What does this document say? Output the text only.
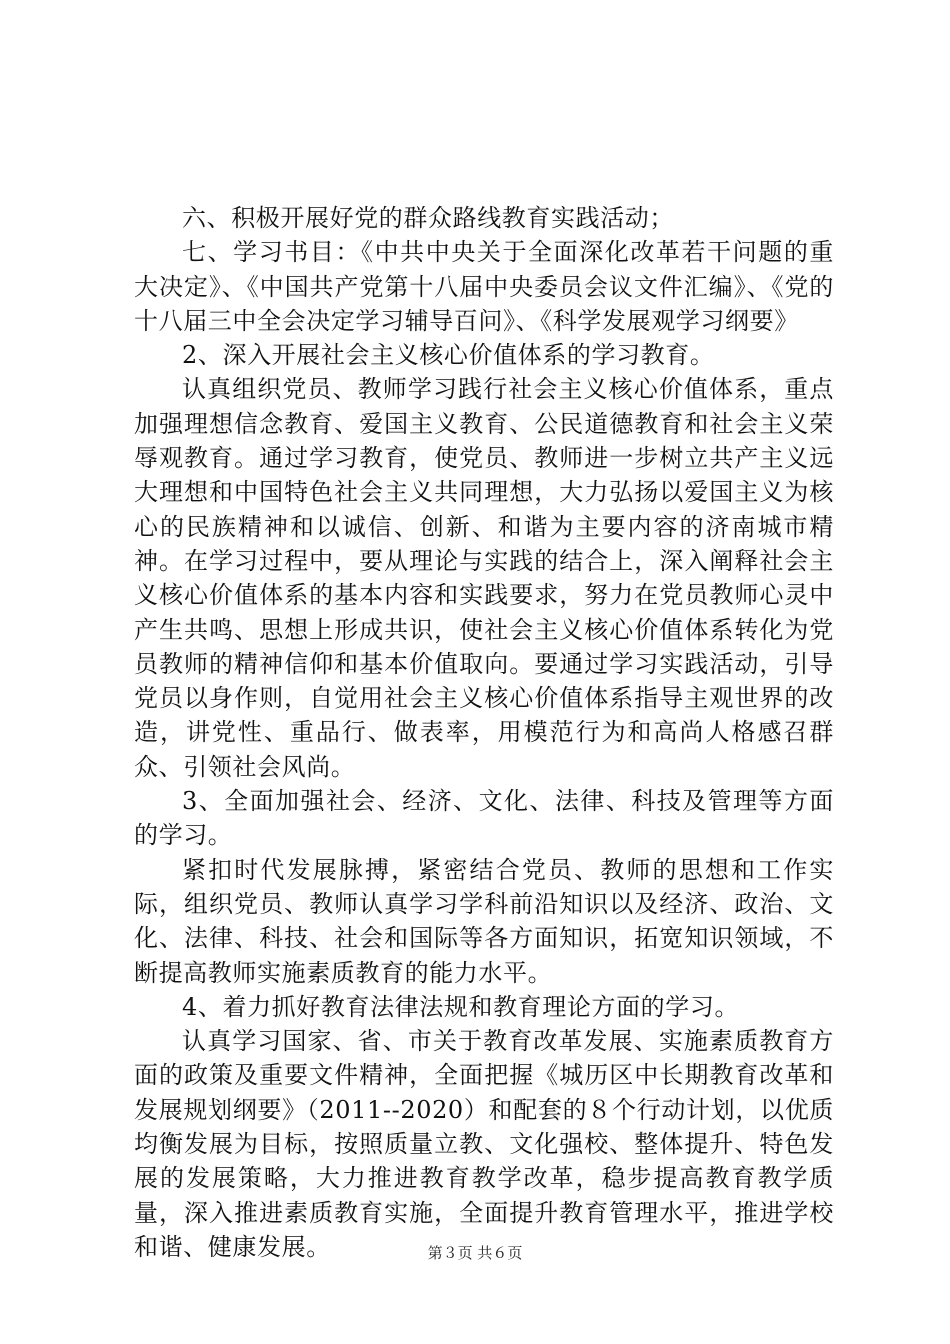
六、积极开展好党的群众路线教育实践活动；

七、学习书目：《中共中央关于全面深化改革若干问题的重大决定》、《中国共产党第十八届中央委员会议文件汇编》、《党的十八届三中全会决定学习辅导百问》、《科学发展观学习纲要》

2、深入开展社会主义核心价值体系的学习教育。

认真组织党员、教师学习践行社会主义核心价值体系，重点加强理想信念教育、爱国主义教育、公民道德教育和社会主义荣辱观教育。通过学习教育，使党员、教师进一步树立共产主义远大理想和中国特色社会主义共同理想，大力弘扬以爱国主义为核心的民族精神和以诚信、创新、和谐为主要内容的济南城市精神。在学习过程中，要从理论与实践的结合上，深入阐释社会主义核心价值体系的基本内容和实践要求，努力在党员教师心灵中产生共鸣、思想上形成共识，使社会主义核心价值体系转化为党员教师的精神信仰和基本价值取向。要通过学习实践活动，引导党员以身作则，自觉用社会主义核心价值体系指导主观世界的改造，讲党性、重品行、做表率，用模范行为和高尚人格感召群众、引领社会风尚。

3、全面加强社会、经济、文化、法律、科技及管理等方面的学习。

紧扣时代发展脉搏，紧密结合党员、教师的思想和工作实际，组织党员、教师认真学习学科前沿知识以及经济、政治、文化、法律、科技、社会和国际等各方面知识，拓宽知识领域，不断提高教师实施素质教育的能力水平。

4、着力抓好教育法律法规和教育理论方面的学习。

认真学习国家、省、市关于教育改革发展、实施素质教育方面的政策及重要文件精神，全面把握《城历区中长期教育改革和发展规划纲要》（2011--2020）和配套的８个行动计划，以优质均衡发展为目标，按照质量立教、文化强校、整体提升、特色发展的发展策略，大力推进教育教学改革，稳步提高教育教学质量，深入推进素质教育实施，全面提升教育管理水平，推进学校和谐、健康发展。	第３页 共６页
